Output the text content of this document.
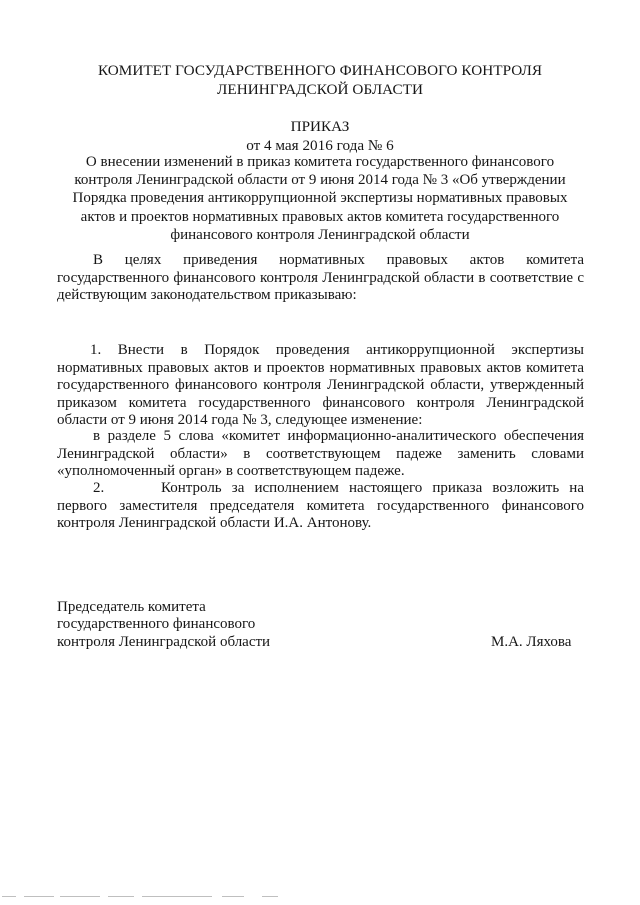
КОМИТЕТ ГОСУДАРСТВЕННОГО ФИНАНСОВОГО КОНТРОЛЯ
ЛЕНИНГРАДСКОЙ ОБЛАСТИ
ПРИКАЗ
от 4 мая 2016 года № 6
О внесении изменений в приказ комитета государственного финансового
контроля Ленинградской области от 9 июня 2014 года № 3 «Об утверждении
Порядка проведения антикоррупционной экспертизы нормативных правовых
актов и проектов нормативных правовых актов комитета государственного
финансового контроля Ленинградской области
В целях приведения нормативных правовых актов комитета
государственного финансового контроля Ленинградской области в соответствие с действующим законодательством приказываю:
1. Внести в Порядок проведения антикоррупционной экспертизы
нормативных правовых актов и проектов нормативных правовых актов комитета государственного финансового контроля Ленинградской области, утвержденный приказом комитета государственного финансового контроля Ленинградской области от 9 июня 2014 года № 3, следующее изменение:
в разделе 5 слова «комитет информационно-аналитического обеспечения Ленинградской области» в соответствующем падеже заменить словами «уполномоченный орган» в соответствующем падеже.
2.	Контроль за исполнением настоящего приказа возложить на первого заместителя председателя комитета государственного финансового контроля Ленинградской области И.А. Антонову.
Председатель комитета
государственного финансового
контроля Ленинградской области	М.А. Ляхова
